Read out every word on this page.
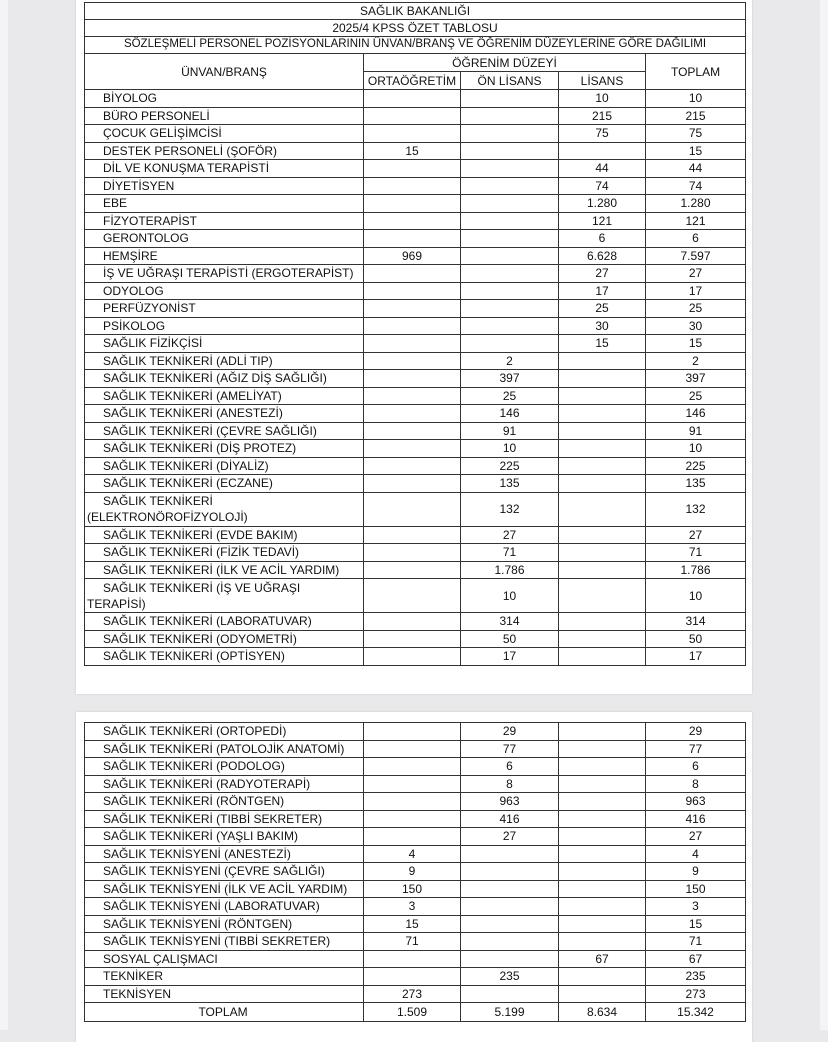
SAĞLIK BAKANLIĞI				
2025/4 KPSS ÖZET TABLOSU				
SÖZLEŞMELİ PERSONEL POZİSYONLARININ ÜNVAN/BRANŞ VE ÖĞRENİM DÜZEYLERİNE GÖRE DAĞILIMI				
ÜNVAN/BRANŞ	ÖĞRENİM DÜZEYİ			TOPLAM
	ORTAÖĞRETİM	ÖN LİSANS	LİSANS	
BİYOLOG			10	10
BÜRO PERSONELİ			215	215
ÇOCUK GELİŞİMCİSİ			75	75
DESTEK PERSONELİ (ŞOFÖR)	15			15
DİL VE KONUŞMA TERAPİSTİ			44	44
DİYETİSYEN			74	74
EBE			1.280	1.280
FİZYOTERAPİST			121	121
GERONTOLOG			6	6
HEMŞİRE	969		6.628	7.597
İŞ VE UĞRAŞI TERAPİSTİ (ERGOTERAPİST)			27	27
ODYOLOG			17	17
PERFÜZYONİST			25	25
PSİKOLOG			30	30
SAĞLIK FİZİKÇİSİ			15	15
SAĞLIK TEKNİKERİ (ADLİ TIP)		2		2
SAĞLIK TEKNİKERİ (AĞIZ DİŞ SAĞLIĞI)		397		397
SAĞLIK TEKNİKERİ (AMELİYAT)		25		25
SAĞLIK TEKNİKERİ (ANESTEZİ)		146		146
SAĞLIK TEKNİKERİ (ÇEVRE SAĞLIĞI)		91		91
SAĞLIK TEKNİKERİ (DİŞ PROTEZ)		10		10
SAĞLIK TEKNİKERİ (DİYALİZ)		225		225
SAĞLIK TEKNİKERİ (ECZANE)		135		135
SAĞLIK TEKNİKERİ
(ELEKTRONÖROFİZYOLOJİ)		132		132
SAĞLIK TEKNİKERİ (EVDE BAKIM)		27		27
SAĞLIK TEKNİKERİ (FİZİK TEDAVİ)		71		71
SAĞLIK TEKNİKERİ (İLK VE ACİL YARDIM)		1.786		1.786
SAĞLIK TEKNİKERİ (İŞ VE UĞRAŞI
TERAPİSİ)		10		10
SAĞLIK TEKNİKERİ (LABORATUVAR)		314		314
SAĞLIK TEKNİKERİ (ODYOMETRİ)		50		50
SAĞLIK TEKNİKERİ (OPTİSYEN)		17		17
SAĞLIK TEKNİKERİ (ORTOPEDİ)		29		29
SAĞLIK TEKNİKERİ (PATOLOJİK ANATOMİ)		77		77
SAĞLIK TEKNİKERİ (PODOLOG)		6		6
SAĞLIK TEKNİKERİ (RADYOTERAPİ)		8		8
SAĞLIK TEKNİKERİ (RÖNTGEN)		963		963
SAĞLIK TEKNİKERİ (TIBBİ SEKRETER)		416		416
SAĞLIK TEKNİKERİ (YAŞLI BAKIM)		27		27
SAĞLIK TEKNİSYENİ (ANESTEZİ)	4			4
SAĞLIK TEKNİSYENİ (ÇEVRE SAĞLIĞI)	9			9
SAĞLIK TEKNİSYENİ (İLK VE ACİL YARDIM)	150			150
SAĞLIK TEKNİSYENİ (LABORATUVAR)	3			3
SAĞLIK TEKNİSYENİ (RÖNTGEN)	15			15
SAĞLIK TEKNİSYENİ (TIBBİ SEKRETER)	71			71
SOSYAL ÇALIŞMACI			67	67
TEKNİKER		235		235
TEKNİSYEN	273			273
TOPLAM	1.509	5.199	8.634	15.342
